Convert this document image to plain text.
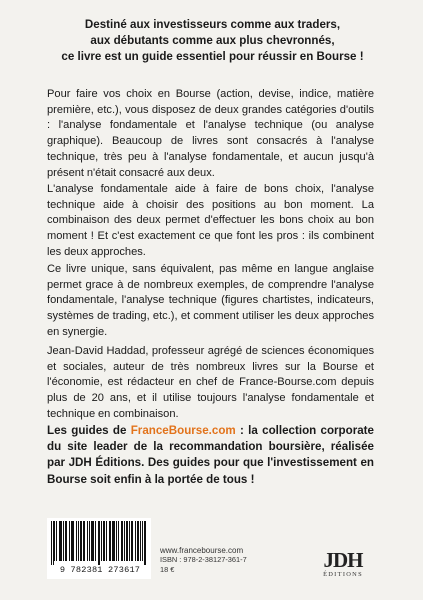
Destiné aux investisseurs comme aux traders,
aux débutants comme aux plus chevronnés,
ce livre est un guide essentiel pour réussir en Bourse !
Pour faire vos choix en Bourse (action, devise, indice, matière première, etc.), vous disposez de deux grandes catégories d'outils : l'analyse fondamentale et l'analyse technique (ou analyse graphique). Beaucoup de livres sont consacrés à l'analyse technique, très peu à l'analyse fondamentale, et aucun jusqu'à présent n'était consacré aux deux.
L'analyse fondamentale aide à faire de bons choix, l'analyse technique aide à choisir des positions au bon moment. La combinaison des deux permet d'effectuer les bons choix au bon moment ! Et c'est exactement ce que font les pros : ils combinent les deux approches.
Ce livre unique, sans équivalent, pas même en langue anglaise permet grace à de nombreux exemples, de comprendre l'analyse fondamentale, l'analyse technique (figures chartistes, indicateurs, systèmes de trading, etc.), et comment utiliser les deux approches en synergie.
Jean-David Haddad, professeur agrégé de sciences économiques et sociales, auteur de très nombreux livres sur la Bourse et l'économie, est rédacteur en chef de France-Bourse.com depuis plus de 20 ans, et il utilise toujours l'analyse fondamentale et technique en combinaison.
Les guides de FranceBourse.com : la collection corporate du site leader de la recommandation boursière, réalisée par JDH Éditions. Des guides pour que l'investissement en Bourse soit enfin à la portée de tous !
9 782381 273617
www.francebourse.com
ISBN : 978-2-38127-361-7
18 €	JDH
ÉDITIONS
